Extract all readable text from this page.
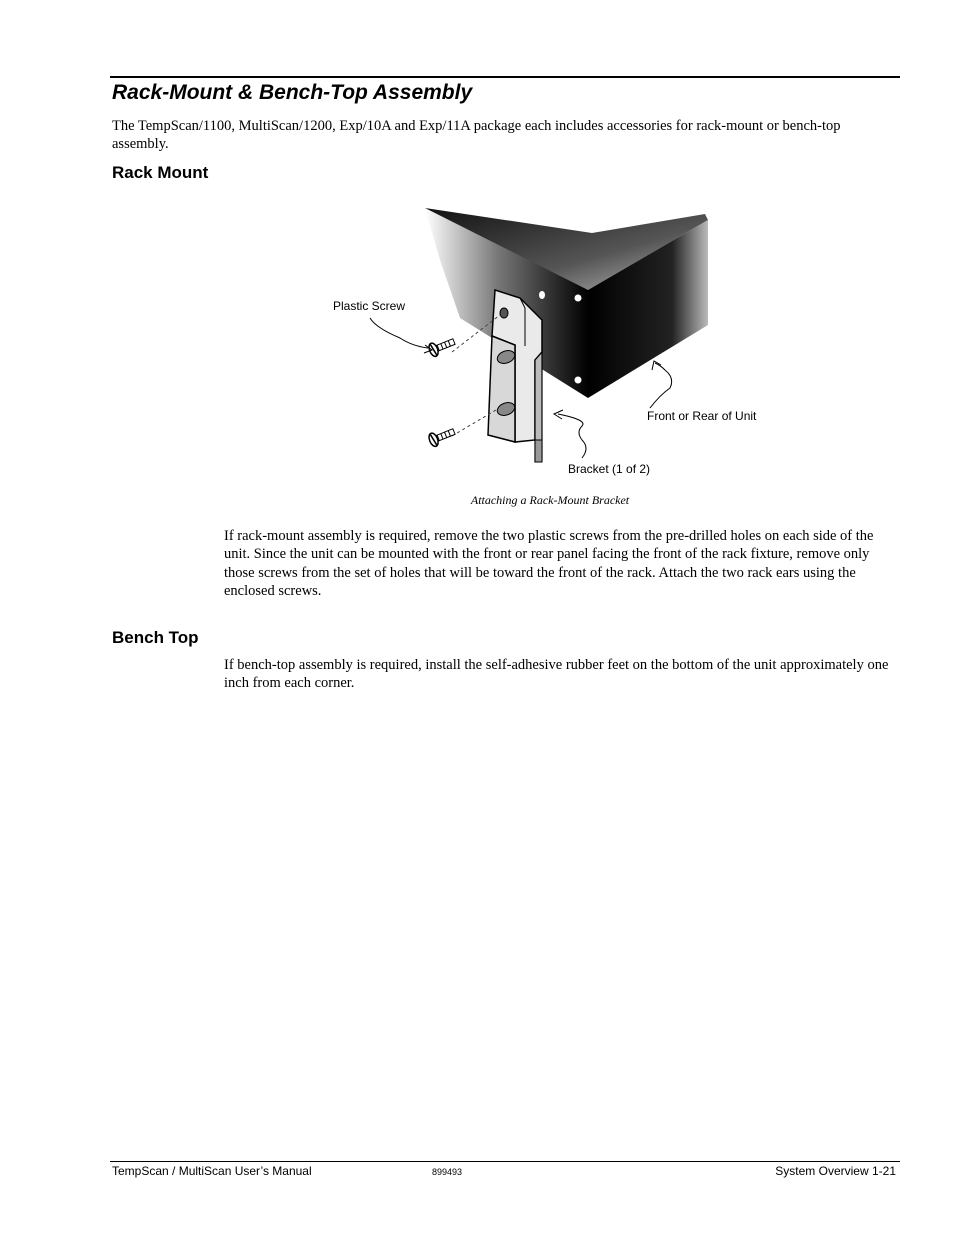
Rack-Mount & Bench-Top Assembly

The TempScan/1100, MultiScan/1200, Exp/10A and Exp/11A package each includes accessories for rack-mount or bench-top assembly.

Rack Mount
Plastic Screw
Front or Rear of Unit
Bracket (1 of 2)
Attaching a Rack-Mount Bracket

If rack-mount assembly is required, remove the two plastic screws from the pre-drilled holes on each side of the unit. Since the unit can be mounted with the front or rear panel facing the front of the rack fixture, remove only those screws from the set of holes that will be toward the front of the rack. Attach the two rack ears using the enclosed screws.

Bench Top

If bench-top assembly is required, install the self-adhesive rubber feet on the bottom of the unit approximately one inch from each corner.

TempScan / MultiScan User’s Manual	899493	System Overview 1-21
